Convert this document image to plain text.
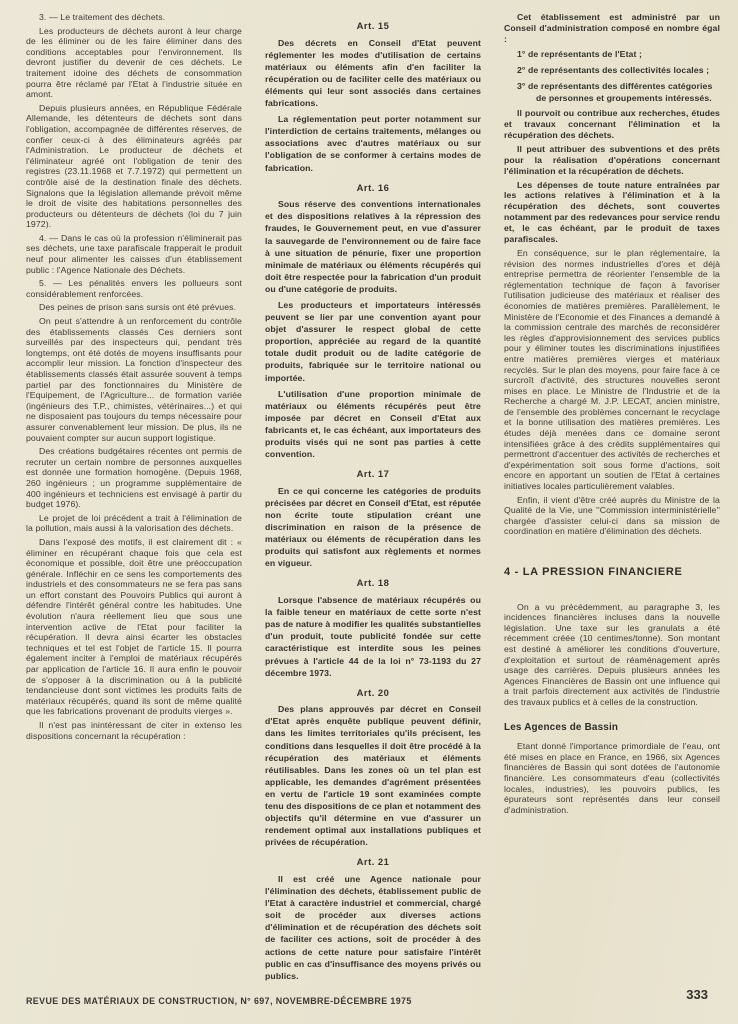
3. — Le traitement des déchets.

Les producteurs de déchets auront à leur charge de les éliminer ou de les faire éliminer dans des conditions acceptables pour l'environnement. Ils devront justifier du devenir de ces déchets. Le traitement idoine des déchets de consommation pourra être réclamé par l'Etat à l'industrie située en amont.

Depuis plusieurs années, en République Fédérale Allemande, les détenteurs de déchets sont dans l'obligation, accompagnée de différentes réserves, de confier ceux-ci à des éliminateurs agréés par l'Administration. Le producteur de déchets et l'éliminateur agréé ont l'obligation de tenir des registres (23.11.1968 et 7.7.1972) qui permettent un contrôle aisé de la destination finale des déchets. Signalons que la législation allemande prévoit même le droit de visite des habitations personnelles des producteurs ou détenteurs de déchets (loi du 7 juin 1972).

4. — Dans le cas où la profession n'éliminerait pas ses déchets, une taxe parafiscale frapperait le produit neuf pour alimenter les caisses d'un établissement public : l'Agence Nationale des Déchets.

5. — Les pénalités envers les pollueurs sont considérablement renforcées.

Des peines de prison sans sursis ont été prévues.

On peut s'attendre à un renforcement du contrôle des établissements classés Ces derniers sont surveillés par des inspecteurs qui, pendant très longtemps, ont été dotés de moyens insuffisants pour accomplir leur mission. La fonction d'inspecteur des établissements classés était assurée souvent à temps partiel par des fonctionnaires du Ministère de l'Equipement, de l'Agriculture... de formation variée (ingénieurs des T.P., chimistes, vétérinaires...) et qui ne disposaient pas toujours du temps nécessaire pour assurer convenablement leur mission. De plus, ils ne pouvaient compter sur aucun support logistique.

Des créations budgétaires récentes ont permis de recruter un certain nombre de personnes auxquelles est donnée une formation homogène. (Depuis 1968, 260 ingénieurs ; un programme supplémentaire de 400 ingénieurs et techniciens est envisagé à partir du budget 1976).

Le projet de loi précédent a trait à l'élimination de la pollution, mais aussi à la valorisation des déchets.

Dans l'exposé des motifs, il est clairement dit : « éliminer en récupérant chaque fois que cela est économique et possible, doit être une préoccupation générale. Infléchir en ce sens les comportements des industriels et des consommateurs ne se fera pas sans un effort constant des Pouvoirs Publics qui auront à défendre l'intérêt général contre les habitudes. Une évolution n'aura réellement lieu que sous une intervention active de l'Etat pour faciliter la récupération. Il devra ainsi écarter les obstacles techniques et tel est l'objet de l'article 15. Il pourra également inciter à l'emploi de matériaux récupérés par application de l'article 16. Il aura enfin le pouvoir de s'opposer à la discrimination ou à la publicité tendancieuse dont sont victimes les produits faits de matériaux récupérés, quand ils sont de même qualité que les fabrications provenant de produits vierges ».

Il n'est pas inintéressant de citer in extenso les dispositions concernant la récupération :

Art. 15

Des décrets en Conseil d'Etat peuvent réglementer les modes d'utilisation de certains matériaux ou éléments afin d'en faciliter la récupération ou de faciliter celle des matériaux ou éléments qui leur sont associés dans certaines fabrications.

La réglementation peut porter notamment sur l'interdiction de certains traitements, mélanges ou associations avec d'autres matériaux ou sur l'obligation de se conformer à certains modes de fabrication.

Art. 16

Sous réserve des conventions internationales et des dispositions relatives à la répression des fraudes, le Gouvernement peut, en vue d'assurer la sauvegarde de l'environnement ou de faire face à une situation de pénurie, fixer une proportion minimale de matériaux ou éléments récupérés qui doit être respectée pour la fabrication d'un produit ou d'une catégorie de produits.

Les producteurs et importateurs intéressés peuvent se lier par une convention ayant pour objet d'assurer le respect global de cette proportion, appréciée au regard de la quantité totale dudit produit ou de ladite catégorie de produits, fabriquée sur le territoire national ou importée.

L'utilisation d'une proportion minimale de matériaux ou éléments récupérés peut être imposée par décret en Conseil d'Etat aux fabricants et, le cas échéant, aux importateurs des produits visés qui ne sont pas parties à cette convention.

Art. 17

En ce qui concerne les catégories de produits précisées par décret en Conseil d'Etat, est réputée non écrite toute stipulation créant une discrimination en raison de la présence de matériaux ou éléments de récupération dans les produits qui satisfont aux règlements et normes en vigueur.

Art. 18

Lorsque l'absence de matériaux récupérés ou la faible teneur en matériaux de cette sorte n'est pas de nature à modifier les qualités substantielles d'un produit, toute publicité fondée sur cette caractéristique est interdite sous les peines prévues à l'article 44 de la loi n° 73-1193 du 27 décembre 1973.

Art. 20

Des plans approuvés par décret en Conseil d'Etat après enquête publique peuvent définir, dans les limites territoriales qu'ils précisent, les conditions dans lesquelles il doit être procédé à la récupération des matériaux et éléments réutilisables. Dans les zones où un tel plan est applicable, les demandes d'agrément présentées en vertu de l'article 19 sont examinées compte tenu des dispositions de ce plan et notamment des objectifs qu'il détermine en vue d'assurer un rendement optimal aux installations publiques et privées de récupération.

Art. 21

Il est créé une Agence nationale pour l'élimination des déchets, établissement public de l'Etat à caractère industriel et commercial, chargé soit de procéder aux diverses actions d'élimination et de récupération des déchets soit de faciliter ces actions, soit de procéder à des actions de cette nature pour satisfaire l'intérêt public en cas d'insuffisance des moyens privés ou publics.

Cet établissement est administré par un Conseil d'administration composé en nombre égal :

1° de représentants de l'Etat ;

2° de représentants des collectivités locales ;

3° de représentants des différentes catégories de personnes et groupements intéressés.

Il pourvoit ou contribue aux recherches, études et travaux concernant l'élimination et la récupération des déchets.

Il peut attribuer des subventions et des prêts pour la réalisation d'opérations concernant l'élimination et la récupération de déchets.

Les dépenses de toute nature entraînées par les actions relatives à l'élimination et à la récupération des déchets, sont couvertes notamment par des redevances pour service rendu et, le cas échéant, par le produit de taxes parafiscales.

En conséquence, sur le plan réglementaire, la révision des normes industrielles d'ores et déjà entreprise permettra de réorienter l'ensemble de la réglementation technique de façon à favoriser l'utilisation judicieuse des matériaux et réaliser des économies de matières premières. Parallèlement, le Ministère de l'Economie et des Finances a demandé à la commission centrale des marchés de reconsidérer les règles d'approvisionnement des services publics pour y éliminer toutes les discriminations injustifiées entre matières premières vierges et matériaux recyclés. Sur le plan des moyens, pour faire face à ce surcroît d'activité, des structures nouvelles seront mises en place. Le Ministre de l'Industrie et de la Recherche a chargé M. J.P. LECAT, ancien ministre, de l'ensemble des problèmes concernant le recyclage et la bonne utilisation des matières premières. Les études déjà menées dans ce domaine seront intensifiées grâce à des crédits supplémentaires qui permettront d'accentuer des activités de recherches et d'expérimentation soit sous forme d'actions, soit encore en apportant un soutien de l'Etat à certaines initiatives locales particulièrement valables.

Enfin, il vient d'être créé auprès du Ministre de la Qualité de la Vie, une ''Commission interministérielle'' chargée d'assister celui-ci dans sa mission de coordination en matière d'élimination des déchets.

4 - LA PRESSION FINANCIERE

On a vu précédemment, au paragraphe 3, les incidences financières incluses dans la nouvelle législation. Une taxe sur les granulats a été récemment créée (10 centimes/tonne). Son montant est destiné à améliorer les conditions d'ouverture, d'exploitation et surtout de réaménagement après usage des carrières. Depuis plusieurs années les Agences Financières de Bassin ont une influence qui a trait parfois directement aux activités de l'industrie des travaux publics et à celles de la construction.

Les Agences de Bassin

Etant donné l'importance primordiale de l'eau, ont été mises en place en France, en 1966, six Agences financières de Bassin qui sont dotées de l'autonomie financière. Les consommateurs d'eau (collectivités locales, industries), les pouvoirs publics, les épurateurs sont représentés dans leur conseil d'administration.

REVUE DES MATÉRIAUX DE CONSTRUCTION, N° 697, NOVEMBRE-DÉCEMBRE 1975	333
